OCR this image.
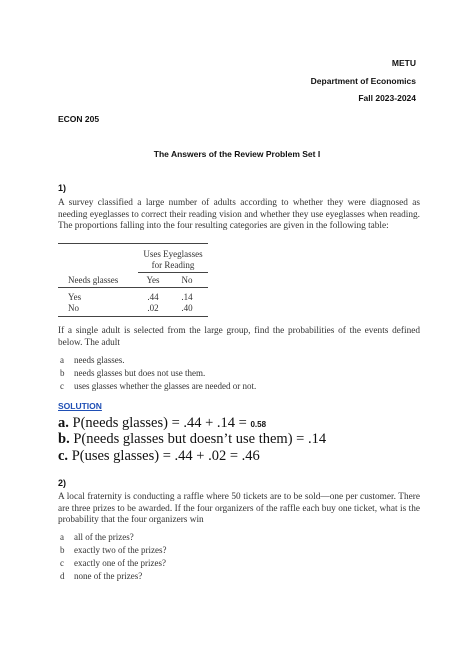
METU
Department of Economics
Fall 2023-2024
ECON 205
The Answers of the Review Problem Set I
1)
A survey classified a large number of adults according to whether they were diagnosed as needing eyeglasses to correct their reading vision and whether they use eyeglasses when reading. The proportions falling into the four resulting categories are given in the following table:
Uses Eyeglasses
for Reading
Needs glasses	Yes	No
Yes	.44	.14
No	.02	.40
If a single adult is selected from the large group, find the probabilities of the events defined below. The adult
a needs glasses.
b needs glasses but does not use them.
c uses glasses whether the glasses are needed or not.
SOLUTION
a. P(needs glasses) = .44 + .14 = 0.58
b. P(needs glasses but doesn’t use them) = .14
c. P(uses glasses) = .44 + .02 = .46
2)
A local fraternity is conducting a raffle where 50 tickets are to be sold—one per customer. There are three prizes to be awarded. If the four organizers of the raffle each buy one ticket, what is the probability that the four organizers win
a all of the prizes?
b exactly two of the prizes?
c exactly one of the prizes?
d none of the prizes?
